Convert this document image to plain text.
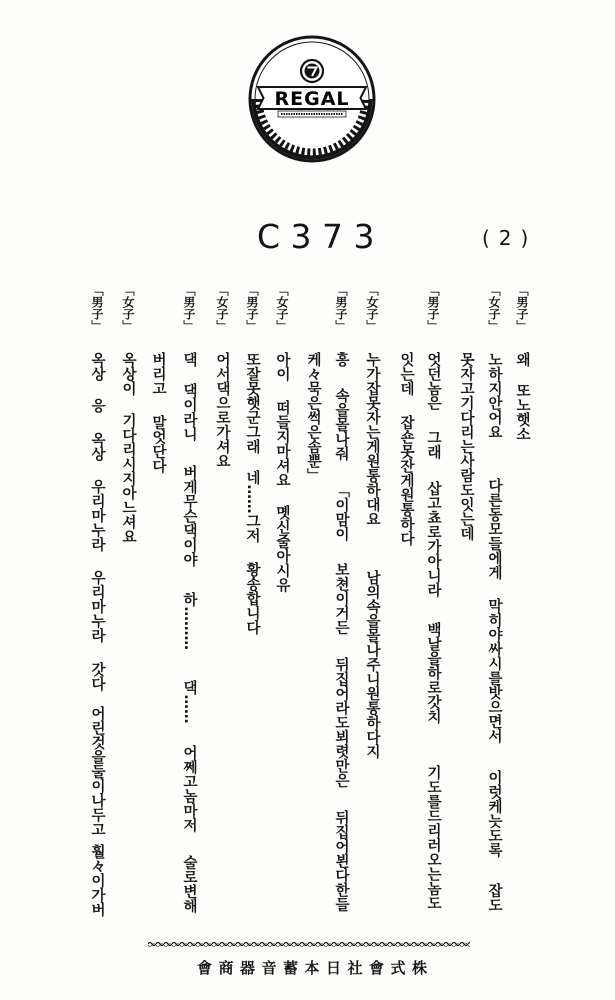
REGAL
C 3 7 3	(2)
「男子」
왜
또노햇소
「女子」
노하지안어요
다른동모들에게
막히야싸시를밧으면서
이럿케늣도록
잡도
못자고기다리는사람도잇는데
「男子」
엇던놈은
그래
삽고쵸로가아니라
백날을하로갓치
기도를드리러오는놈도
잇는데
잡숀못잔게원통하다
「女子」
누가잡못자는게원통하대요
남의속을몰나주니원통하다지
「男子」
흥
속을몰나줘
「이맘이
보쳔이거든
뒤집어라도뵈렷만은
뒤집어뵌다한들
케々묵은썩은솜뿐」
「女子」
아이
떠들지마셔요
몟신줄아시유
「男子」
또잘못햇군그래
네……그저
황송합니다
「女子」
어서댁으로가셔요
「男子」
댁
댁이라니
버게무슨댁이야
하………
댁……
어쩨고놈마저
술로변해
버리고
말엇단다
「女子」
옥상이
기다리시지아느셔요
「男子」
옥상
응
옥상
우리마누라
우리마누라
갓다
어린것을둘이나두고
훨々이가버
會商器音蓄本日社會式株
